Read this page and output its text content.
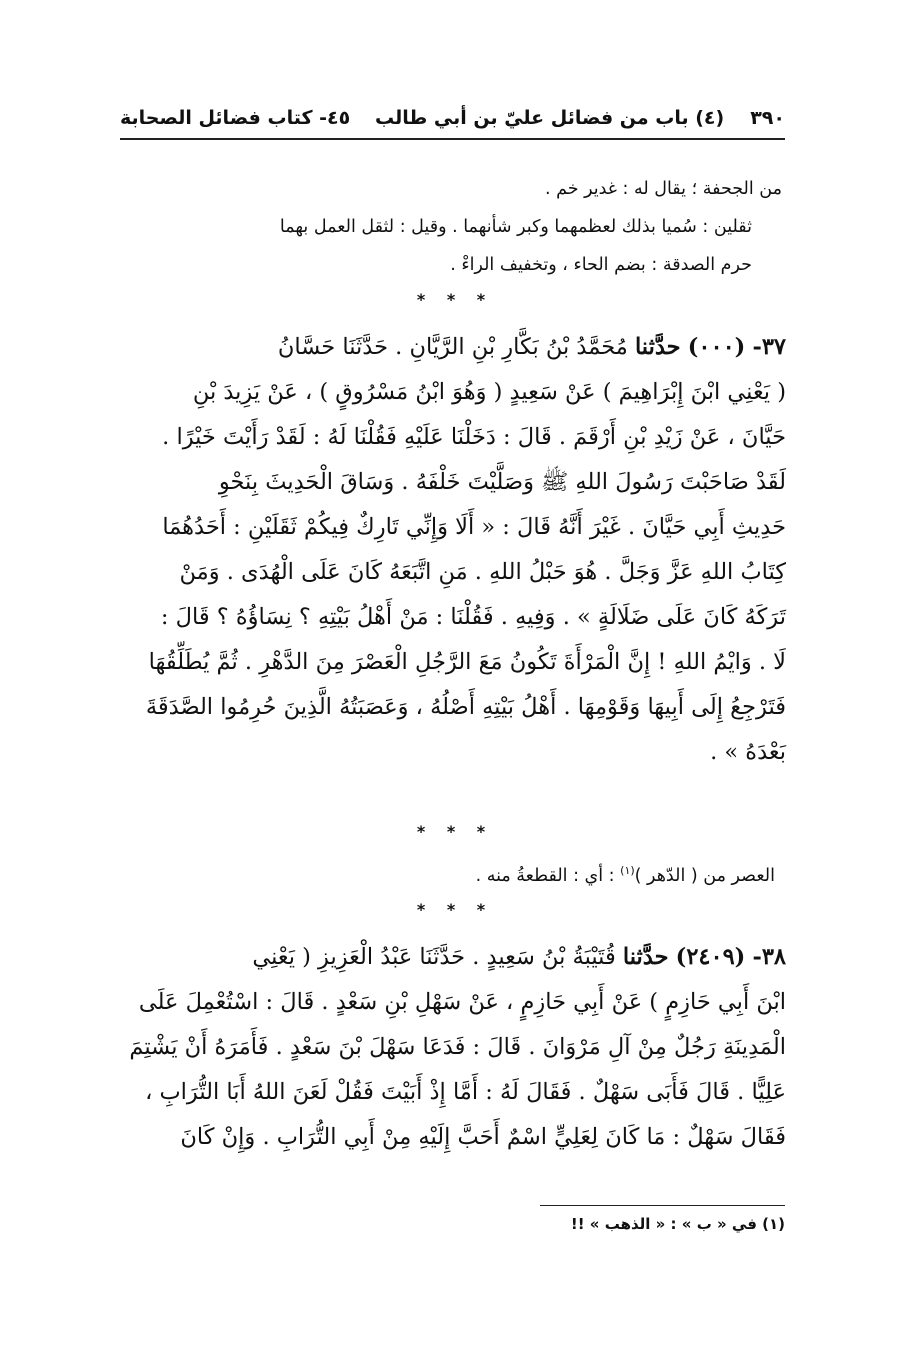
٣٩٠
(٤) باب من فضائل عليّ بن أبي طالب
٤٥- كتاب فضائل الصحابة

من الجحفة ؛ يقال له : غدير خم .

ثقلين : سُميا بذلك لعظمهما وكبر شأنهما . وقيل : لثقل العمل بهما

حرم الصدقة : بضم الحاء ، وتخفيف الراءْ .

* * *

٣٧- (٠٠٠) حدَّثنا مُحَمَّدُ بْنُ بَكَّارِ بْنِ الرَّيَّانِ . حَدَّثَنَا حَسَّانُ

( يَعْنِي ابْنَ إِبْرَاهِيمَ ) عَنْ سَعِيدٍ ( وَهُوَ ابْنُ مَسْرُوقٍ ) ، عَنْ يَزِيدَ بْنِ

حَيَّانَ ، عَنْ زَيْدِ بْنِ أَرْقَمَ . قَالَ : دَخَلْنَا عَلَيْهِ فَقُلْنَا لَهُ : لَقَدْ رَأَيْتَ خَيْرًا .

لَقَدْ صَاحَبْتَ رَسُولَ اللهِ ﷺ وَصَلَّيْتَ خَلْفَهُ . وَسَاقَ الْحَدِيثَ بِنَحْوِ

حَدِيثِ أَبِي حَيَّانَ . غَيْرَ أَنَّهُ قَالَ : « أَلَا وَإِنِّي تَارِكٌ فِيكُمْ ثَقَلَيْنِ : أَحَدُهُمَا

كِتَابُ اللهِ عَزَّ وَجَلَّ . هُوَ حَبْلُ اللهِ . مَنِ اتَّبَعَهُ كَانَ عَلَى الْهُدَى . وَمَنْ

تَرَكَهُ كَانَ عَلَى ضَلَالَةٍ » . وَفِيهِ . فَقُلْنَا : مَنْ أَهْلُ بَيْتِهِ ؟ نِسَاؤُهُ ؟ قَالَ :

لَا . وَايْمُ اللهِ ! إِنَّ الْمَرْأَةَ تَكُونُ مَعَ الرَّجُلِ الْعَصْرَ مِنَ الدَّهْرِ . ثُمَّ يُطَلِّقُهَا

فَتَرْجِعُ إِلَى أَبِيهَا وَقَوْمِهَا . أَهْلُ بَيْتِهِ أَصْلُهُ ، وَعَصَبَتُهُ الَّذِينَ حُرِمُوا الصَّدَقَةَ

بَعْدَهُ » .

* * *
العصر من ( الدّهر )$^{(١)}$ : أي : القطعةُ منه .
* * *

٣٨- (٢٤٠٩) حدَّثنا قُتَيْبَةُ بْنُ سَعِيدٍ . حَدَّثَنَا عَبْدُ الْعَزِيزِ ( يَعْنِي

ابْنَ أَبِي حَازِمٍ ) عَنْ أَبِي حَازِمٍ ، عَنْ سَهْلِ بْنِ سَعْدٍ . قَالَ : اسْتُعْمِلَ عَلَى

الْمَدِينَةِ رَجُلٌ مِنْ آلِ مَرْوَانَ . قَالَ : فَدَعَا سَهْلَ بْنَ سَعْدٍ . فَأَمَرَهُ أَنْ يَشْتِمَ

عَلِيًّا . قَالَ فَأَبَى سَهْلٌ . فَقَالَ لَهُ : أَمَّا إِذْ أَبَيْتَ فَقُلْ لَعَنَ اللهُ أَبَا التُّرَابِ ،

فَقَالَ سَهْلٌ : مَا كَانَ لِعَلِيٍّ اسْمٌ أَحَبَّ إِلَيْهِ مِنْ أَبِي التُّرَابِ . وَإِنْ كَانَ

(١) في « ب » : « الذهب » !!
